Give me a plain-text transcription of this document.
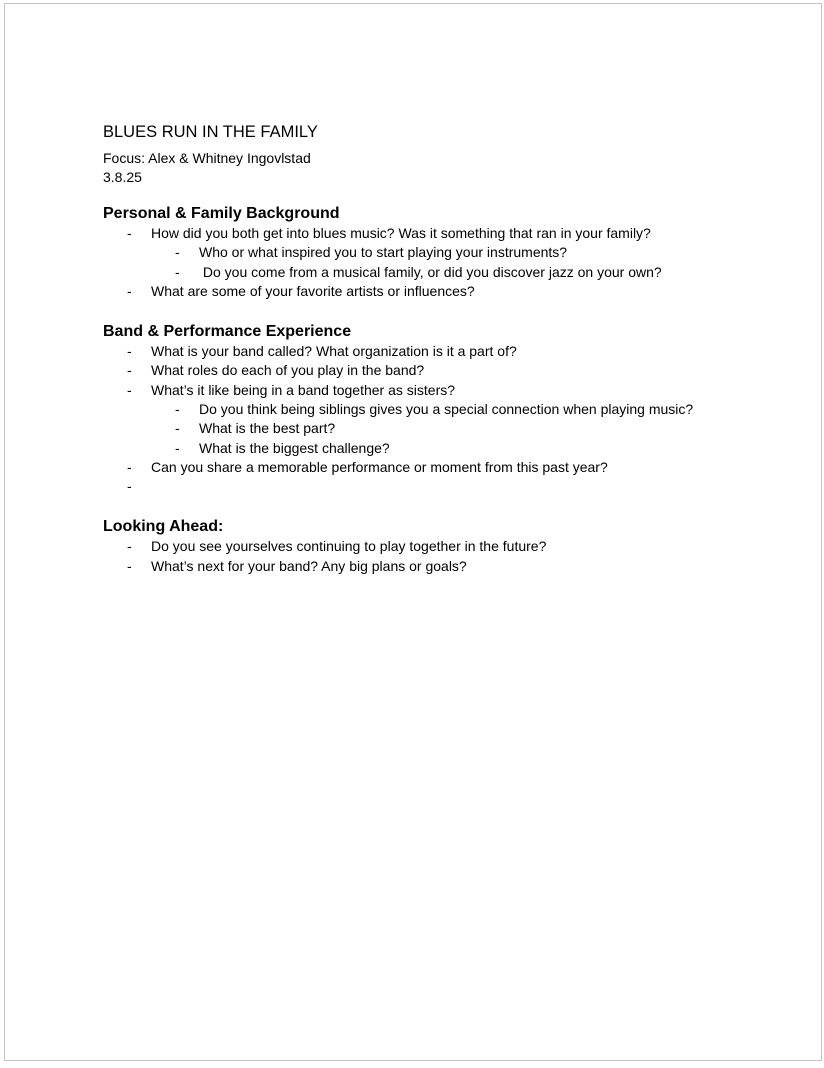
BLUES RUN IN THE FAMILY

Focus: Alex & Whitney Ingovlstad

3.8.25

Personal & Family Background
- How did you both get into blues music? Was it something that ran in your family?
- Who or what inspired you to start playing your instruments?
- Do you come from a musical family, or did you discover jazz on your own?
- What are some of your favorite artists or influences?
Band & Performance Experience
- What is your band called? What organization is it a part of?
- What roles do each of you play in the band?
- What’s it like being in a band together as sisters?
- Do you think being siblings gives you a special connection when playing music?
- What is the best part?
- What is the biggest challenge?
- Can you share a memorable performance or moment from this past year?
-
Looking Ahead:
- Do you see yourselves continuing to play together in the future?
- What’s next for your band? Any big plans or goals?
